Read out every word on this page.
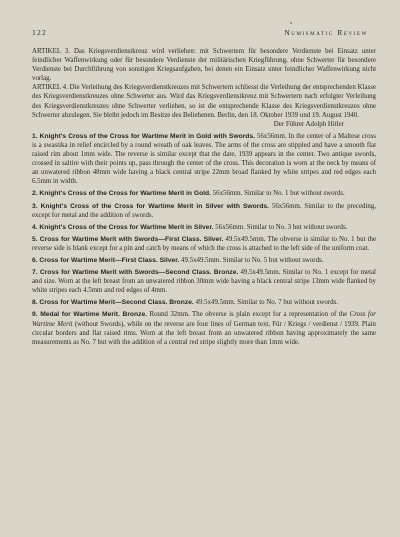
122	Numismatic Review

ARTIKEL 3. Das Kriegsverdienstkreuz wird verliehen: mit Schwertern für besondere Verdienste bei Einsatz unter feindlicher Waffenwirkung oder für besondere Verdienste der militärischen Kriegführung, ohne Schwerter für besondere Verdienste bei Durchführung von sonstigen Kriegsaufgaben, bei denen ein Einsatz unter feindlicher Waffenwirkung nicht vorlag.

ARTIKEL 4. Die Verleihung des Kriegsverdienstkreuzes mit Schwertern schliesst die Verleihung der entsprechenden Klasse des Kriegsverdienstkreuzes ohne Schwerter aus. Wird das Kriegsverdienstkreuz mit Schwertern nach erfolgter Verleihung des Kriegsverdienstkreuzes ohne Schwerter verliehen, so ist die entsprechende Klasse des Kriegsverdienstkreuzes ohne Schwerter abzulegen. Sie bleibt jedoch im Besitze des Beliehenen. Berlin, den 18. Oktober 1939 und 19. August 1940.

Der Führer Adolph Hitler

1. Knight's Cross of the Cross for Wartime Merit in Gold with Swords. 56x56mm. In the center of a Maltese cross is a swastika in relief encircled by a round wreath of oak leaves. The arms of the cross are stippled and have a smooth flat raised rim about 1mm wide. The reverse is similar except that the date, 1939 appears in the center. Two antique swords, crossed in saltire with their points up, pass through the center of the cross. This decoration is worn at the neck by means of an unwatered ribbon 48mm wide having a black central stripe 22mm broad flanked by white stripes and red edges each 6.5mm in width.

2. Knight's Cross of the Cross for Wartime Merit in Gold. 56x56mm. Similar to No. 1 but without swords.

3. Knight's Cross of the Cross for Wartime Merit in Silver with Swords. 56x56mm. Similar to the preceding, except for metal and the addition of swords.

4. Knight's Cross of the Cross for Wartime Merit in Silver. 56x56mm. Similar to No. 3 but without swords.

5. Cross for Wartime Merit with Swords—First Class. Silver. 49.5x49.5mm. The obverse is similar to No. 1 but the reverse side is blank except for a pin and catch by means of which the cross is attached to the left side of the uniform coat.

6. Cross for Wartime Merit—First Class. Silver. 49.5x49.5mm. Similar to No. 5 but without swords.

7. Cross for Wartime Merit with Swords—Second Class. Bronze. 49.5x49.5mm. Similar to No. 1 except for metal and size. Worn at the left breast from an unwatered ribbon 30mm wide having a black central stripe 13mm wide flanked by white stripes each 4.5mm and red edges of 4mm.

8. Cross for Wartime Merit—Second Class. Bronze. 49.5x49.5mm. Similar to No. 7 but without swords.

9. Medal for Wartime Merit. Bronze. Round 32mm. The obverse is plain except for a representation of the Cross for Wartime Merit (without Swords), while on the reverse are four lines of German text, Für / Kriegs / verdienst / 1939. Plain circular borders and flat raised rims. Worn at the left breast from an unwatered ribbon having approximately the same measurements as No. 7 but with the addition of a central red stripe slightly more than 1mm wide.
